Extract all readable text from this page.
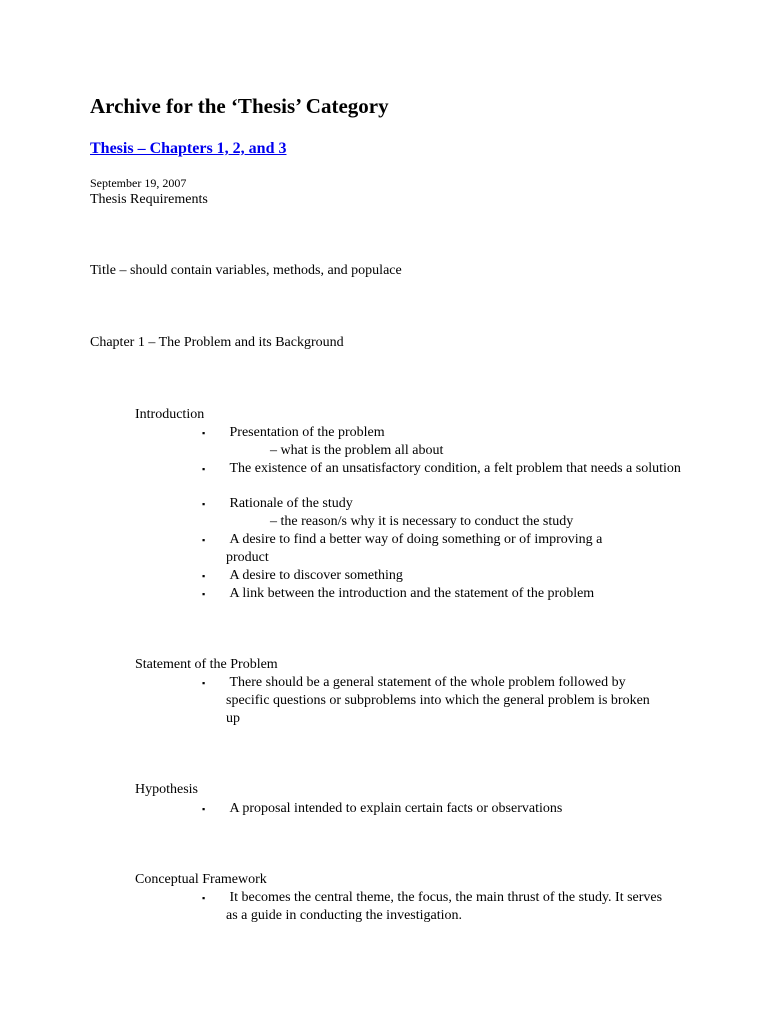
Archive for the ‘Thesis’ Category
Thesis – Chapters 1, 2, and 3
September 19, 2007
Thesis Requirements
Title – should contain variables, methods, and populace
Chapter 1 – The Problem and its Background
Introduction
▪ Presentation of the problem
– what is the problem all about
▪ The existence of an unsatisfactory condition, a felt problem that needs a solution
▪ Rationale of the study
– the reason/s why it is necessary to conduct the study
▪ A desire to find a better way of doing something or of improving a product
▪ A desire to discover something
▪ A link between the introduction and the statement of the problem
Statement of the Problem
▪ There should be a general statement of the whole problem followed by specific questions or subproblems into which the general problem is broken up
Hypothesis
▪ A proposal intended to explain certain facts or observations
Conceptual Framework
▪ It becomes the central theme, the focus, the main thrust of the study. It serves as a guide in conducting the investigation.
